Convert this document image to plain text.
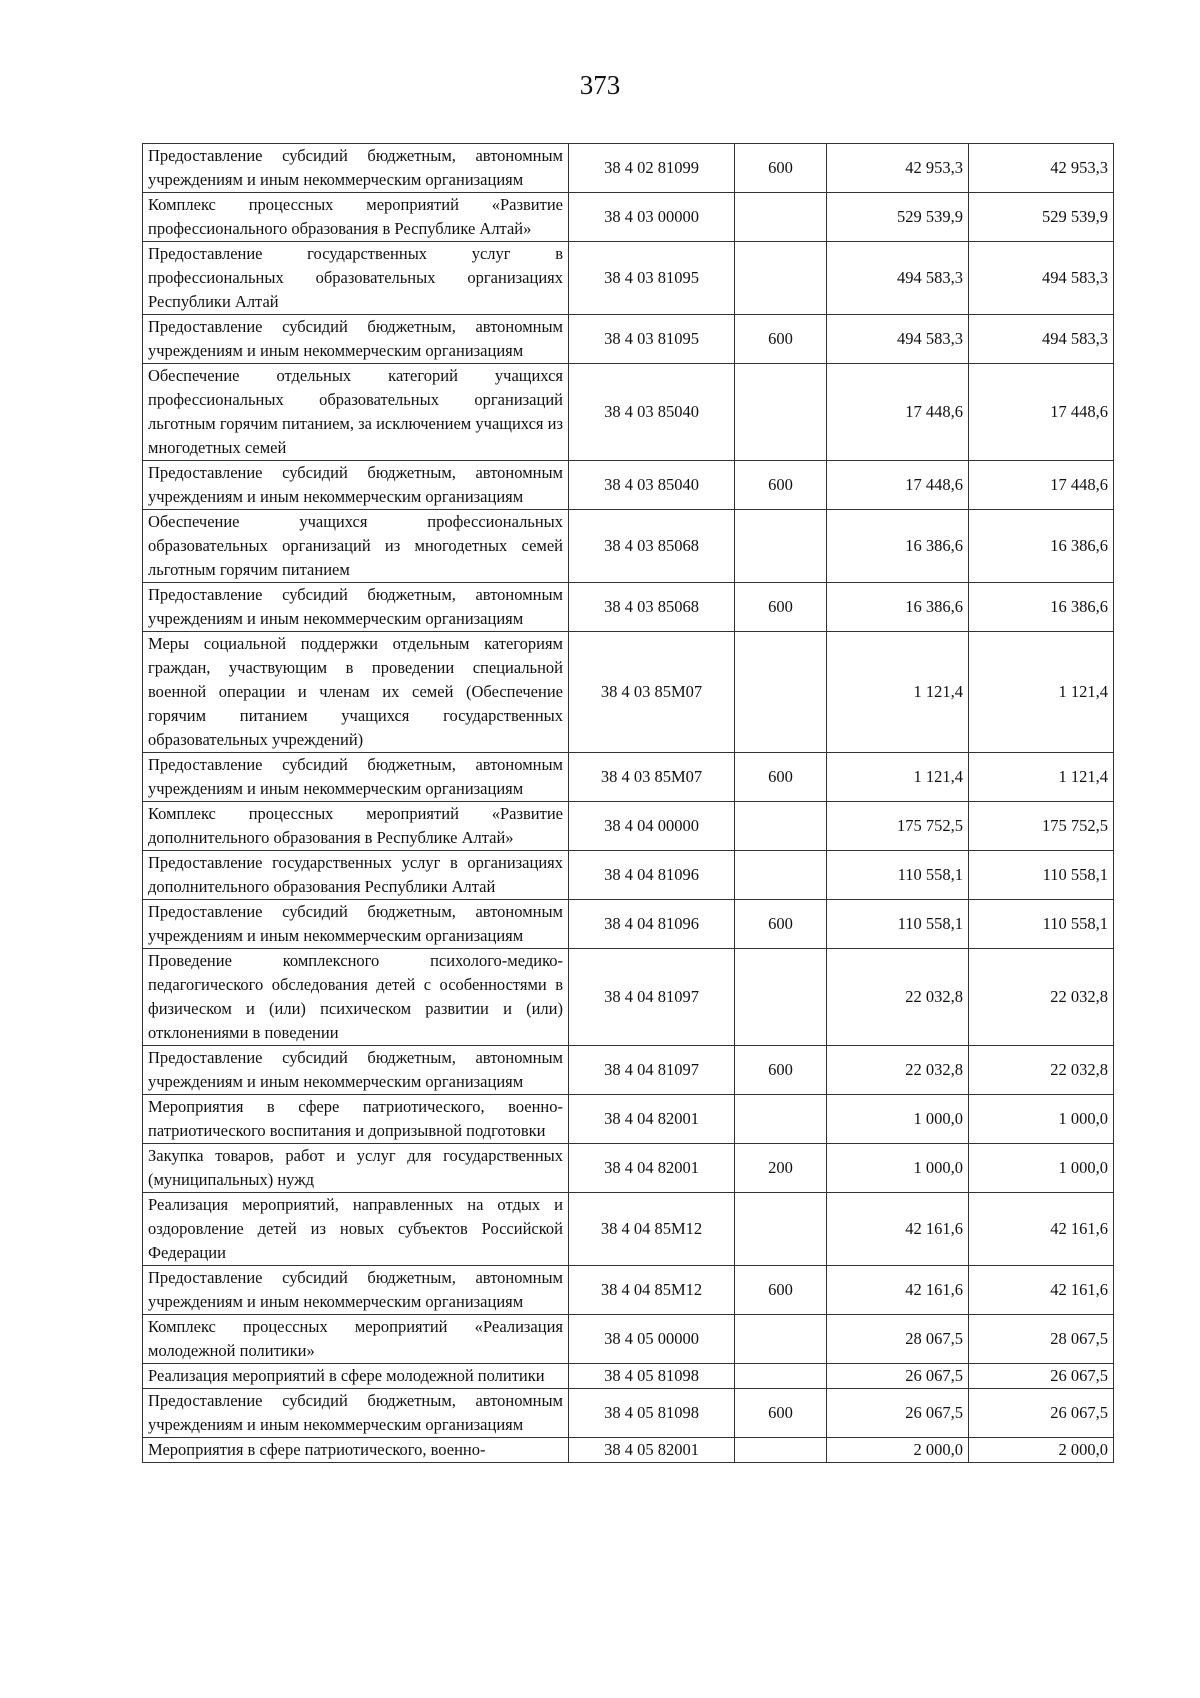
373
Предоставление субсидий бюджетным, автономным учреждениям и иным некоммерческим организациям	38 4 02 81099	600	42 953,3	42 953,3
Комплекс процессных мероприятий «Развитие профессионального образования в Республике Алтай»	38 4 03 00000		529 539,9	529 539,9
Предоставление государственных услуг в профессиональных образовательных организациях Республики Алтай	38 4 03 81095		494 583,3	494 583,3
Предоставление субсидий бюджетным, автономным учреждениям и иным некоммерческим организациям	38 4 03 81095	600	494 583,3	494 583,3
Обеспечение отдельных категорий учащихся профессиональных образовательных организаций льготным горячим питанием, за исключением учащихся из многодетных семей	38 4 03 85040		17 448,6	17 448,6
Предоставление субсидий бюджетным, автономным учреждениям и иным некоммерческим организациям	38 4 03 85040	600	17 448,6	17 448,6
Обеспечение учащихся профессиональных образовательных организаций из многодетных семей льготным горячим питанием	38 4 03 85068		16 386,6	16 386,6
Предоставление субсидий бюджетным, автономным учреждениям и иным некоммерческим организациям	38 4 03 85068	600	16 386,6	16 386,6
Меры социальной поддержки отдельным категориям граждан, участвующим в проведении специальной военной операции и членам их семей (Обеспечение горячим питанием учащихся государственных образовательных учреждений)	38 4 03 85M07		1 121,4	1 121,4
Предоставление субсидий бюджетным, автономным учреждениям и иным некоммерческим организациям	38 4 03 85M07	600	1 121,4	1 121,4
Комплекс процессных мероприятий «Развитие дополнительного образования в Республике Алтай»	38 4 04 00000		175 752,5	175 752,5
Предоставление государственных услуг в организациях дополнительного образования Республики Алтай	38 4 04 81096		110 558,1	110 558,1
Предоставление субсидий бюджетным, автономным учреждениям и иным некоммерческим организациям	38 4 04 81096	600	110 558,1	110 558,1
Проведение комплексного психолого-медико-педагогического обследования детей с особенностями в физическом и (или) психическом развитии и (или) отклонениями в поведении	38 4 04 81097		22 032,8	22 032,8
Предоставление субсидий бюджетным, автономным учреждениям и иным некоммерческим организациям	38 4 04 81097	600	22 032,8	22 032,8
Мероприятия в сфере патриотического, военно-патриотического воспитания и допризывной подготовки	38 4 04 82001		1 000,0	1 000,0
Закупка товаров, работ и услуг для государственных (муниципальных) нужд	38 4 04 82001	200	1 000,0	1 000,0
Реализация мероприятий, направленных на отдых и оздоровление детей из новых субъектов Российской Федерации	38 4 04 85M12		42 161,6	42 161,6
Предоставление субсидий бюджетным, автономным учреждениям и иным некоммерческим организациям	38 4 04 85M12	600	42 161,6	42 161,6
Комплекс процессных мероприятий «Реализация молодежной политики»	38 4 05 00000		28 067,5	28 067,5
Реализация мероприятий в сфере молодежной политики	38 4 05 81098		26 067,5	26 067,5
Предоставление субсидий бюджетным, автономным учреждениям и иным некоммерческим организациям	38 4 05 81098	600	26 067,5	26 067,5
Мероприятия в сфере патриотического, военно-	38 4 05 82001		2 000,0	2 000,0
